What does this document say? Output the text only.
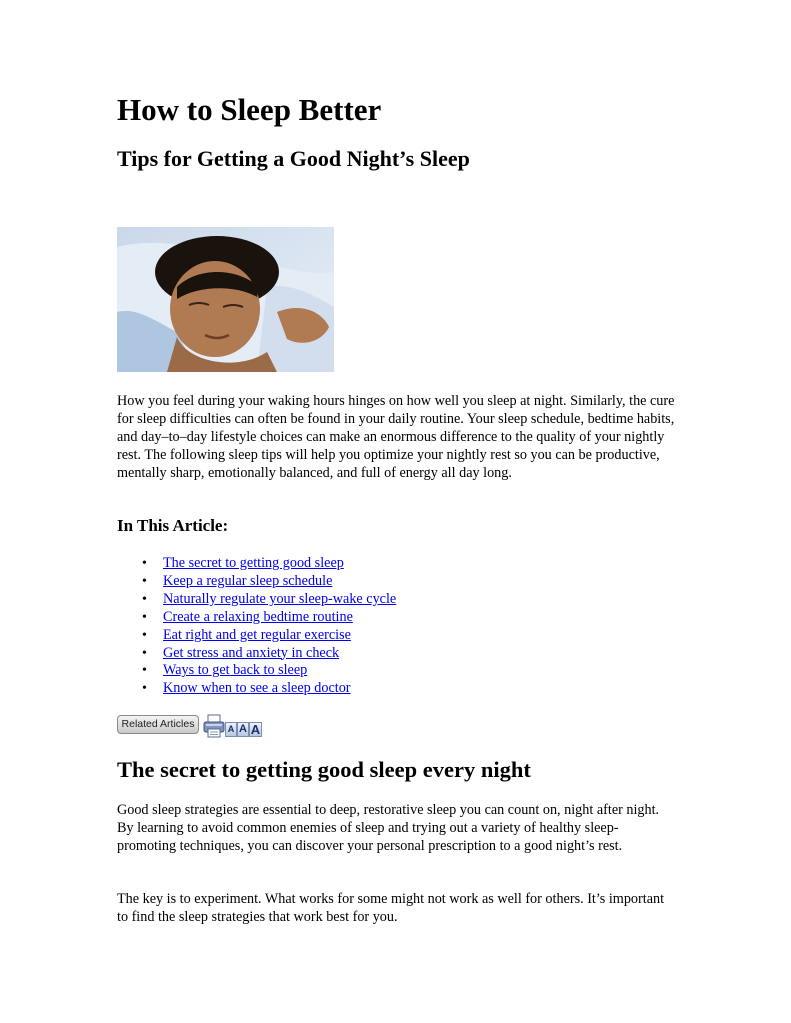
How to Sleep Better
Tips for Getting a Good Night’s Sleep

How you feel during your waking hours hinges on how well you sleep at night. Similarly, the cure for sleep difficulties can often be found in your daily routine. Your sleep schedule, bedtime habits, and day–to–day lifestyle choices can make an enormous difference to the quality of your nightly rest. The following sleep tips will help you optimize your nightly rest so you can be productive, mentally sharp, emotionally balanced, and full of energy all day long.

In This Article:
• The secret to getting good sleep
• Keep a regular sleep schedule
• Naturally regulate your sleep-wake cycle
• Create a relaxing bedtime routine
• Eat right and get regular exercise
• Get stress and anxiety in check
• Ways to get back to sleep
• Know when to see a sleep doctor
Related Articles	A A A
The secret to getting good sleep every night

Good sleep strategies are essential to deep, restorative sleep you can count on, night after night. By learning to avoid common enemies of sleep and trying out a variety of healthy sleep-promoting techniques, you can discover your personal prescription to a good night’s rest.

The key is to experiment. What works for some might not work as well for others. It’s important to find the sleep strategies that work best for you.
